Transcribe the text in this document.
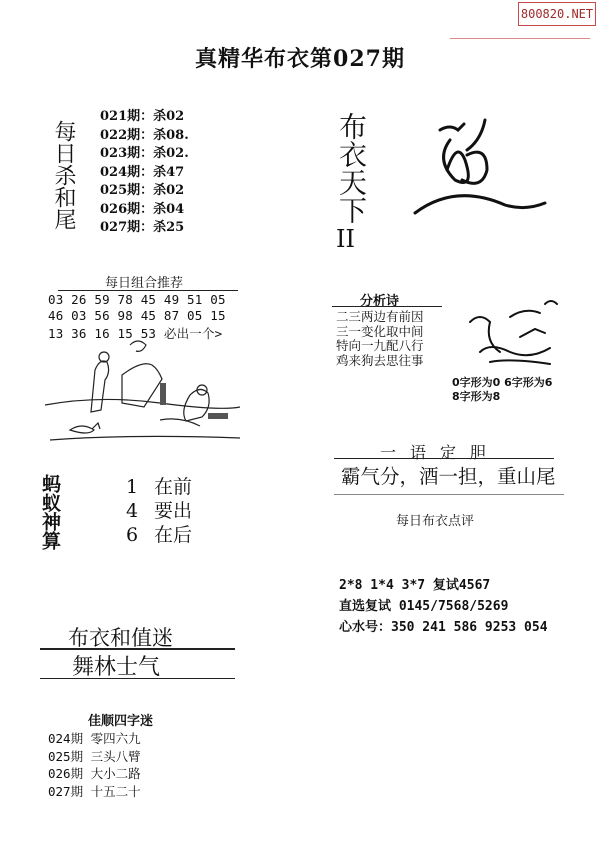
800820.NET
真精华布衣第027期
每日杀和尾
021期：杀02
022期：杀08.
023期：杀02.
024期：杀47
025期：杀02
026期：杀04
027期：杀25
每日组合推荐
03 26 59 78 45 49 51 05
46 03 56 98 45 87 05 15
13 36 16 15 53 必出一个>
蚂蚁神算	1 在前
4 要出
6 在后
布衣和值迷
舞林士气
佳顺四字迷
024期 零四六九
025期 三头八臂
026期 大小二路
027期 十五二十
布衣天下
II
分析诗
二三两边有前因
三一变化取中间
特向一九配八行
鸡来狗去思往事
0字形为0 6字形为6
8字形为8
一语定胆
霸气分，酒一担，重山尾
每日布衣点评
2*8 1*4 3*7 复试4567
直选复试 0145/7568/5269
心水号：350 241 586 9253 054
